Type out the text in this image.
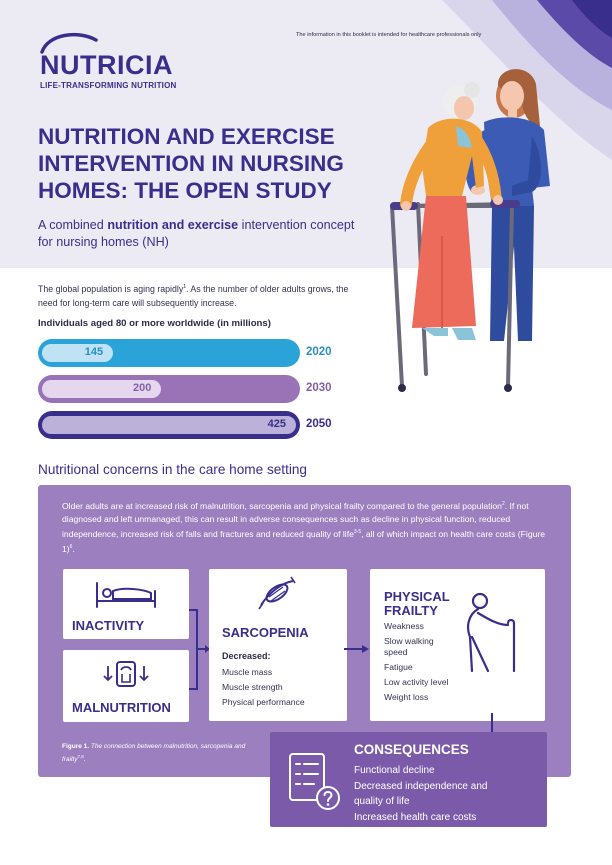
The information in this booklet is intended for healthcare professionals only
NUTRICIA
LIFE-TRANSFORMING NUTRITION
NUTRITION AND EXERCISE
INTERVENTION IN NURSING
HOMES: THE OPEN STUDY
A combined nutrition and exercise intervention concept for nursing homes (NH)
The global population is aging rapidly$^1$. As the number of older adults grows, the need for long-term care will subsequently increase.
Individuals aged 80 or more worldwide (in millions)
145	2020
200	2030
425 2050
Nutritional concerns in the care home setting
Older adults are at increased risk of malnutrition, sarcopenia and physical frailty compared to the general population$^2$. If not diagnosed and left unmanaged, this can result in adverse consequences such as decline in physical function, reduced independence, increased risk of falls and fractures and reduced quality of life$^{3-5}$, all of which impact on health care costs (Figure 1)$^6$.
INACTIVITY
MALNUTRITION
SARCOPENIA
Decreased:
Muscle mass
Muscle strength
Physical performance
PHYSICAL
FRAILTY
Weakness
Slow walking speed
Fatigue
Low activity level
Weight loss
Figure 1. The connection between malnutrition, sarcopenia and frailty$^{7,8}$.
CONSEQUENCES
Functional decline
Decreased independence and
quality of life
Increased health care costs
